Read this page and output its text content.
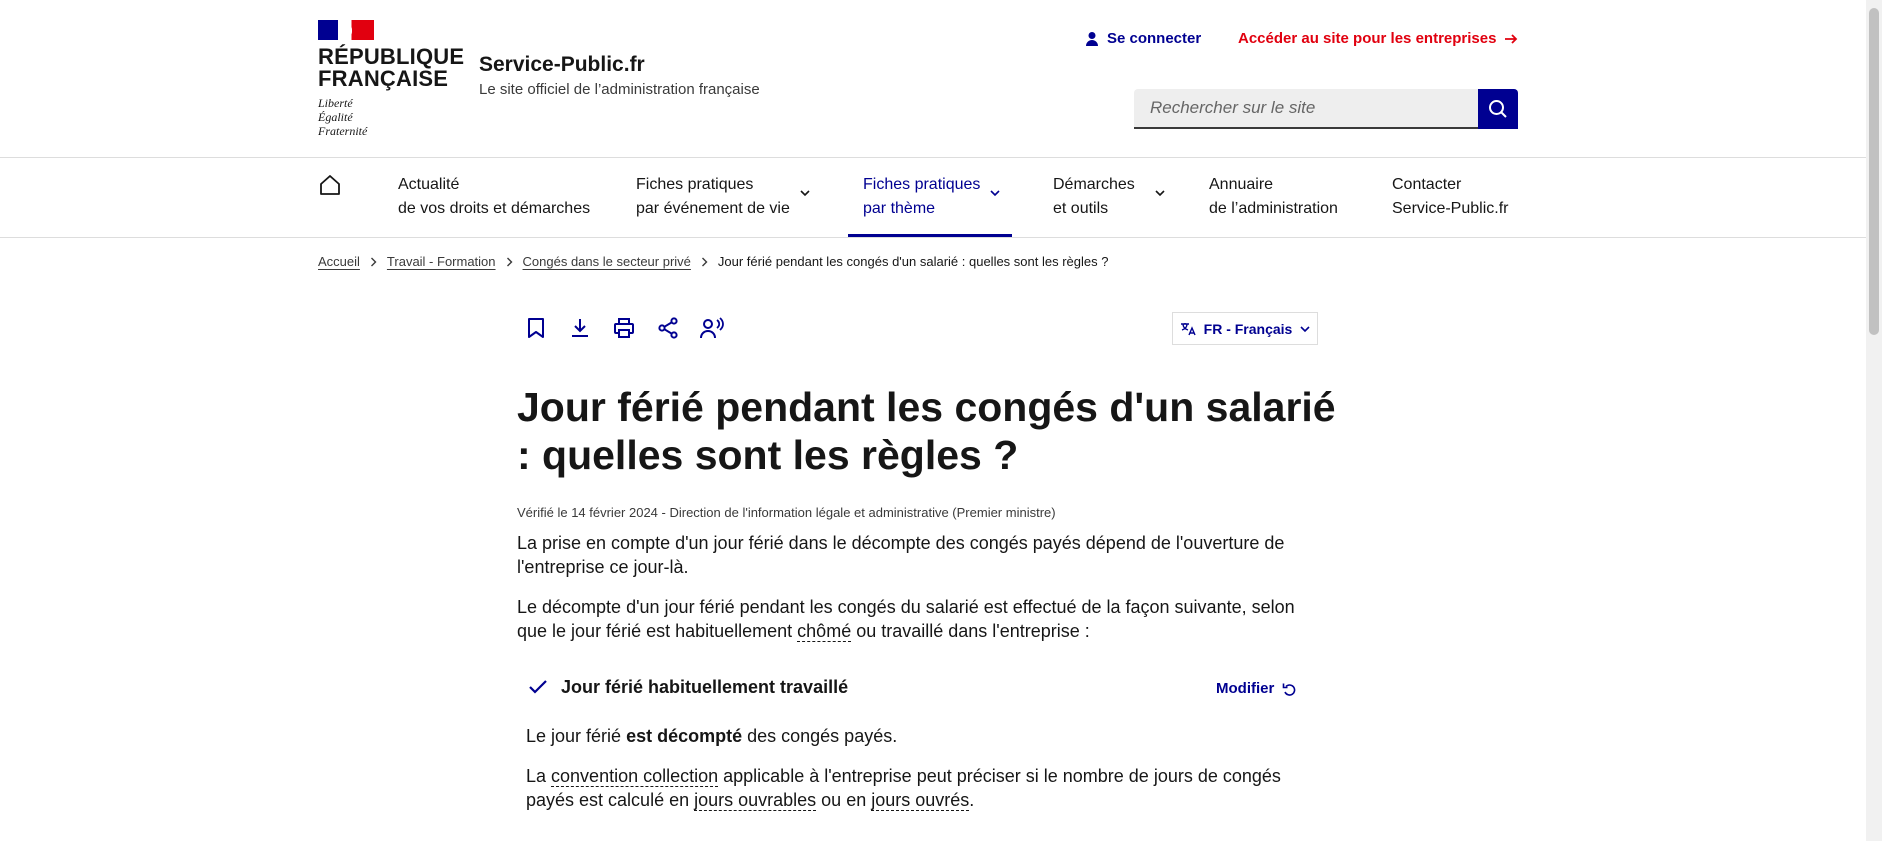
RÉPUBLIQUE
FRANÇAISE
Liberté
Égalité
Fraternité
Service-Public.fr
Le site officiel de l’administration française
Se connecter Accéder au site pour les entreprises
Rechercher sur le site
Actualité
de vos droits et démarches
Fiches pratiques
par événement de vie
Fiches pratiques
par thème
Démarches
et outils
Annuaire
de l’administration
Contacter
Service-Public.fr
Accueil Travail - Formation Congés dans le secteur privé Jour férié pendant les congés d'un salarié : quelles sont les règles ?
FR - Français
Jour férié pendant les congés d'un salarié : quelles sont les règles ?
Vérifié le 14 février 2024 - Direction de l'information légale et administrative (Premier ministre)

La prise en compte d'un jour férié dans le décompte des congés payés dépend de l'ouverture de l'entreprise ce jour-là.

Le décompte d'un jour férié pendant les congés du salarié est effectué de la façon suivante, selon que le jour férié est habituellement chômé ou travaillé dans l'entreprise :

Jour férié habituellement travaillé	Modifier

Le jour férié est décompté des congés payés.

La convention collection applicable à l'entreprise peut préciser si le nombre de jours de congés payés est calculé en jours ouvrables ou en jours ouvrés.
